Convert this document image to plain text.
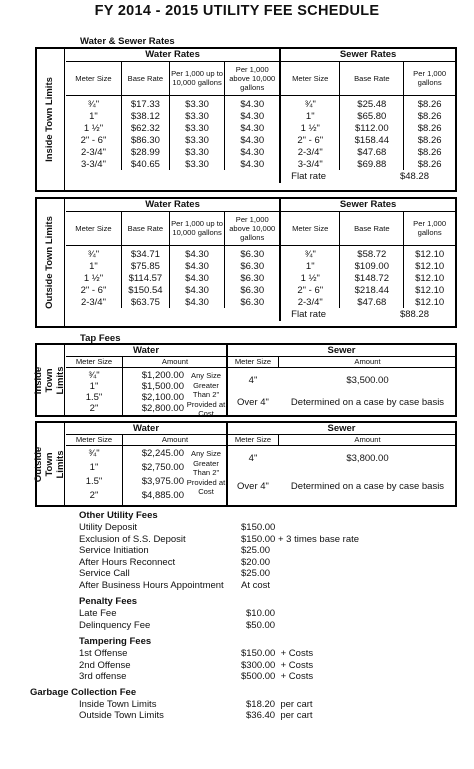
FY 2014 - 2015 UTILITY FEE SCHEDULE
Water & Sewer Rates
Inside Town Limits
Water Rates				Sewer Rates		
Meter Size	Base Rate	Per 1,000 up to 10,000 gallons	Per 1,000 above 10,000 gallons	Meter Size	Base Rate	Per 1,000 gallons

¾"	$17.33	$3.30	$4.30	¾"	$25.48	$8.26
1"	$38.12	$3.30	$4.30	1"	$65.80	$8.26
1 ½"	$62.32	$3.30	$4.30	1 ½"	$112.00	$8.26
2" - 6"	$86.30	$3.30	$4.30	2" - 6"	$158.44	$8.26
2-3/4"	$28.99	$3.30	$4.30	2-3/4"	$47.68	$8.26
3-3/4"	$40.65	$3.30	$4.30	3-3/4"	$69.88	$8.26
				Flat rate	$48.28	
Outside Town Limits
Water Rates				Sewer Rates		
Meter Size	Base Rate	Per 1,000 up to 10,000 gallons	Per 1,000 above 10,000 gallons	Meter Size	Base Rate	Per 1,000 gallons

¾"	$34.71	$4.30	$6.30	¾"	$58.72	$12.10
1"	$75.85	$4.30	$6.30	1"	$109.00	$12.10
1 ½"	$114.57	$4.30	$6.30	1 ½"	$148.72	$12.10
2" - 6"	$150.54	$4.30	$6.30	2" - 6"	$218.44	$12.10
2-3/4"	$63.75	$4.30	$6.30	2-3/4"	$47.68	$12.10
				Flat rate	$88.28	
Tap Fees
Inside Town Limits
Water
Meter Size	Amount
¾"	$1,200.00
1"	$1,500.00
1.5"	$2,100.00
2"	$2,800.00
Any Size Greater Than 2" Provided at Cost
Sewer
Meter Size	Amount
4"	$3,500.00
Over 4"	Determined on a case by case basis
Outside Town Limits
Water
Meter Size	Amount
¾"	$2,245.00
1"	$2,750.00
1.5"	$3,975.00
2"	$4,885.00
Any Size Greater Than 2" Provided at Cost
Sewer
Meter Size	Amount
4"	$3,800.00
Over 4"	Determined on a case by case basis
Other Utility Fees
Utility Deposit	$150.00
Exclusion of S.S. Deposit	$150.00 + 3 times base rate
Service Initiation	$25.00
After Hours Reconnect	$20.00
Service Call	$25.00
After Business Hours Appointment At cost
Penalty Fees
Late Fee	$10.00
Delinquency Fee	$50.00
Tampering Fees
1st Offense	$150.00  + Costs
2nd Offense	$300.00  + Costs
3rd offense	$500.00  + Costs
Garbage Collection Fee
Inside Town Limits	$18.20  per cart
Outside Town Limits	$36.40  per cart
